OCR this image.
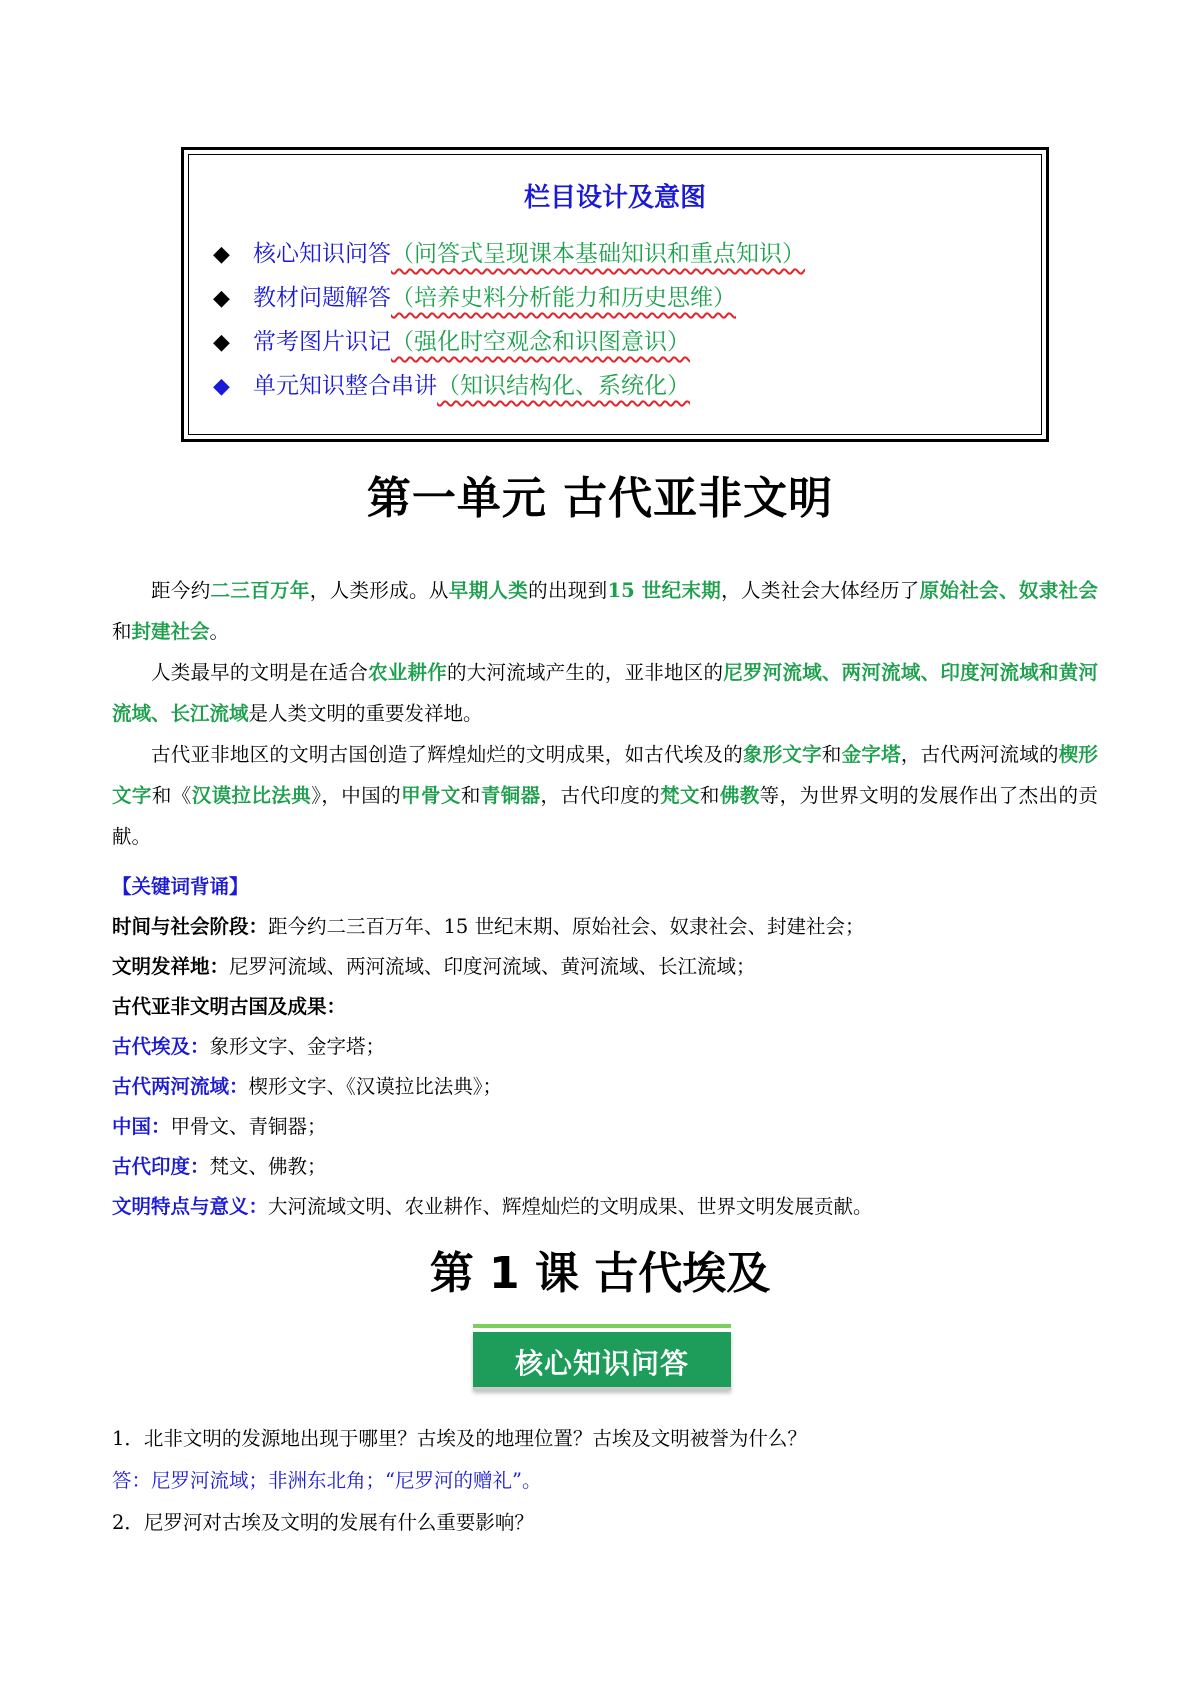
栏目设计及意图
◆ 核心知识问答（问答式呈现课本基础知识和重点知识）
◆ 教材问题解答（培养史料分析能力和历史思维）
◆ 常考图片识记（强化时空观念和识图意识）
◆ 单元知识整合串讲（知识结构化、系统化）
第一单元 古代亚非文明
距今约二三百万年，人类形成。从早期人类的出现到15 世纪末期，人类社会大体经历了原始社会、奴隶社会和封建社会。
人类最早的文明是在适合农业耕作的大河流域产生的，亚非地区的尼罗河流域、两河流域、印度河流域和黄河流域、长江流域是人类文明的重要发祥地。
古代亚非地区的文明古国创造了辉煌灿烂的文明成果，如古代埃及的象形文字和金字塔，古代两河流域的楔形文字和《汉谟拉比法典》，中国的甲骨文和青铜器，古代印度的梵文和佛教等，为世界文明的发展作出了杰出的贡献。
【关键词背诵】
时间与社会阶段：距今约二三百万年、15 世纪末期、原始社会、奴隶社会、封建社会；
文明发祥地：尼罗河流域、两河流域、印度河流域、黄河流域、长江流域；
古代亚非文明古国及成果：
古代埃及：象形文字、金字塔；
古代两河流域：楔形文字、《汉谟拉比法典》；
中国：甲骨文、青铜器；
古代印度：梵文、佛教；
文明特点与意义：大河流域文明、农业耕作、辉煌灿烂的文明成果、世界文明发展贡献。
第 1 课 古代埃及
核心知识问答
1．北非文明的发源地出现于哪里？古埃及的地理位置？古埃及文明被誉为什么？
答：尼罗河流域；非洲东北角；“尼罗河的赠礼”。
2．尼罗河对古埃及文明的发展有什么重要影响？
